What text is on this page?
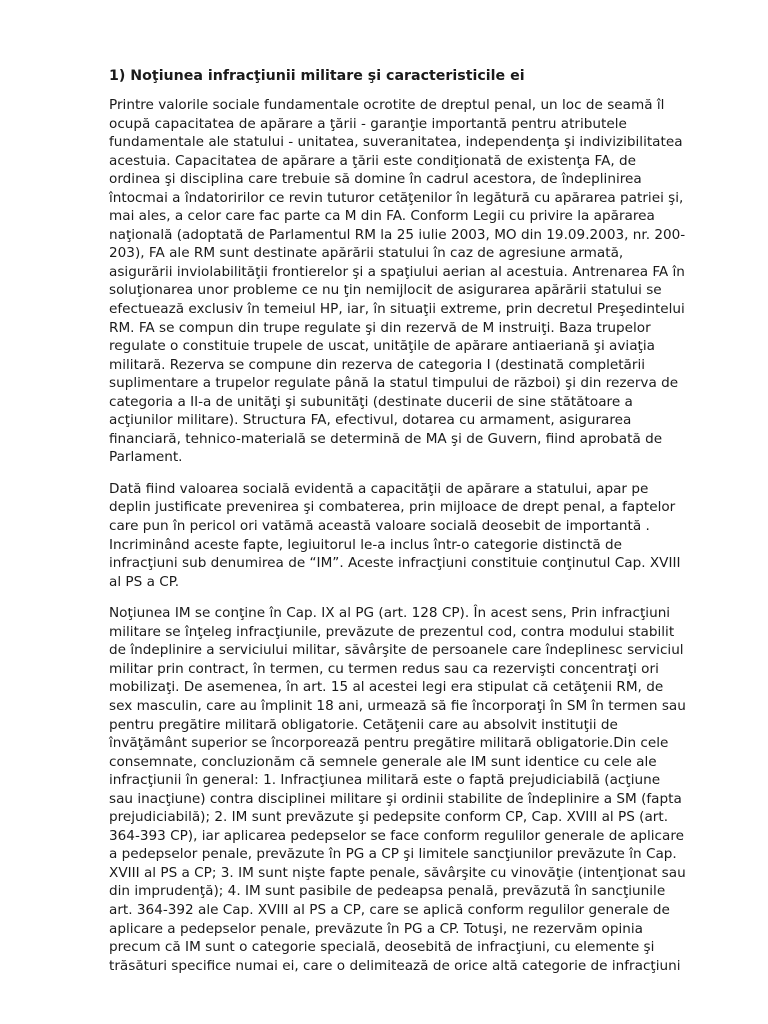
1) Noţiunea infracţiunii militare şi caracteristicile ei
Printre valorile sociale fundamentale ocrotite de dreptul penal, un loc de seamă îl
ocupă capacitatea de apărare a ţării - garanţie importantă pentru atributele
fundamentale ale statului - unitatea, suveranitatea, independenţa şi indivizibilitatea
acestuia. Capacitatea de apărare a ţării este condiţionată de existenţa FA, de
ordinea şi disciplina care trebuie să domine în cadrul acestora, de îndeplinirea
întocmai a îndatoririlor ce revin tuturor cetăţenilor în legătură cu apărarea patriei şi,
mai ales, a celor care fac parte ca M din FA. Conform Legii cu privire la apărarea
naţională (adoptată de Parlamentul RM la 25 iulie 2003, MO din 19.09.2003, nr. 200-
203), FA ale RM sunt destinate apărării statului în caz de agresiune armată,
asigurării inviolabilităţii frontierelor şi a spaţiului aerian al acestuia. Antrenarea FA în
soluţionarea unor probleme ce nu ţin nemijlocit de asigurarea apărării statului se
efectuează exclusiv în temeiul HP, iar, în situaţii extreme, prin decretul Preşedintelui
RM. FA se compun din trupe regulate şi din rezervă de M instruiţi. Baza trupelor
regulate o constituie trupele de uscat, unităţile de apărare antiaeriană şi aviaţia
militară. Rezerva se compune din rezerva de categoria I (destinată completării
suplimentare a trupelor regulate până la statul timpului de război) şi din rezerva de
categoria a II-a de unităţi şi subunităţi (destinate ducerii de sine stătătoare a
acţiunilor militare). Structura FA, efectivul, dotarea cu armament, asigurarea
financiară, tehnico-materială se determină de MA şi de Guvern, fiind aprobată de
Parlament.
Dată fiind valoarea socială evidentă a capacităţii de apărare a statului, apar pe
deplin justificate prevenirea şi combaterea, prin mijloace de drept penal, a faptelor
care pun în pericol ori vatămă această valoare socială deosebit de importantă .
Incriminând aceste fapte, legiuitorul le-a inclus într-o categorie distinctă de
infracţiuni sub denumirea de “IM”. Aceste infracţiuni constituie conţinutul Cap. XVIII
al PS a CP.
Noţiunea IM se conţine în Cap. IX al PG (art. 128 CP). În acest sens, Prin infracţiuni
militare se înţeleg infracţiunile, prevăzute de prezentul cod, contra modului stabilit
de îndeplinire a serviciului militar, săvârşite de persoanele care îndeplinesc serviciul
militar prin contract, în termen, cu termen redus sau ca rezervişti concentraţi ori
mobilizaţi. De asemenea, în art. 15 al acestei legi era stipulat că cetăţenii RM, de
sex masculin, care au împlinit 18 ani, urmează să fie încorporaţi în SM în termen sau
pentru pregătire militară obligatorie. Cetăţenii care au absolvit instituţii de
învăţământ superior se încorporează pentru pregătire militară obligatorie.Din cele
consemnate, concluzionăm că semnele generale ale IM sunt identice cu cele ale
infracţiunii în general: 1. Infracţiunea militară este o faptă prejudiciabilă (acţiune
sau inacţiune) contra disciplinei militare şi ordinii stabilite de îndeplinire a SM (fapta
prejudiciabilă); 2. IM sunt prevăzute şi pedepsite conform CP, Cap. XVIII al PS (art.
364-393 CP), iar aplicarea pedepselor se face conform regulilor generale de aplicare
a pedepselor penale, prevăzute în PG a CP şi limitele sancţiunilor prevăzute în Cap.
XVIII al PS a CP; 3. IM sunt nişte fapte penale, săvârşite cu vinovăţie (intenţionat sau
din imprudenţă); 4. IM sunt pasibile de pedeapsa penală, prevăzută în sancţiunile
art. 364-392 ale Cap. XVIII al PS a CP, care se aplică conform regulilor generale de
aplicare a pedepselor penale, prevăzute în PG a CP. Totuşi, ne rezervăm opinia
precum că IM sunt o categorie specială, deosebită de infracţiuni, cu elemente şi
trăsături specifice numai ei, care o delimitează de orice altă categorie de infracţiuni
